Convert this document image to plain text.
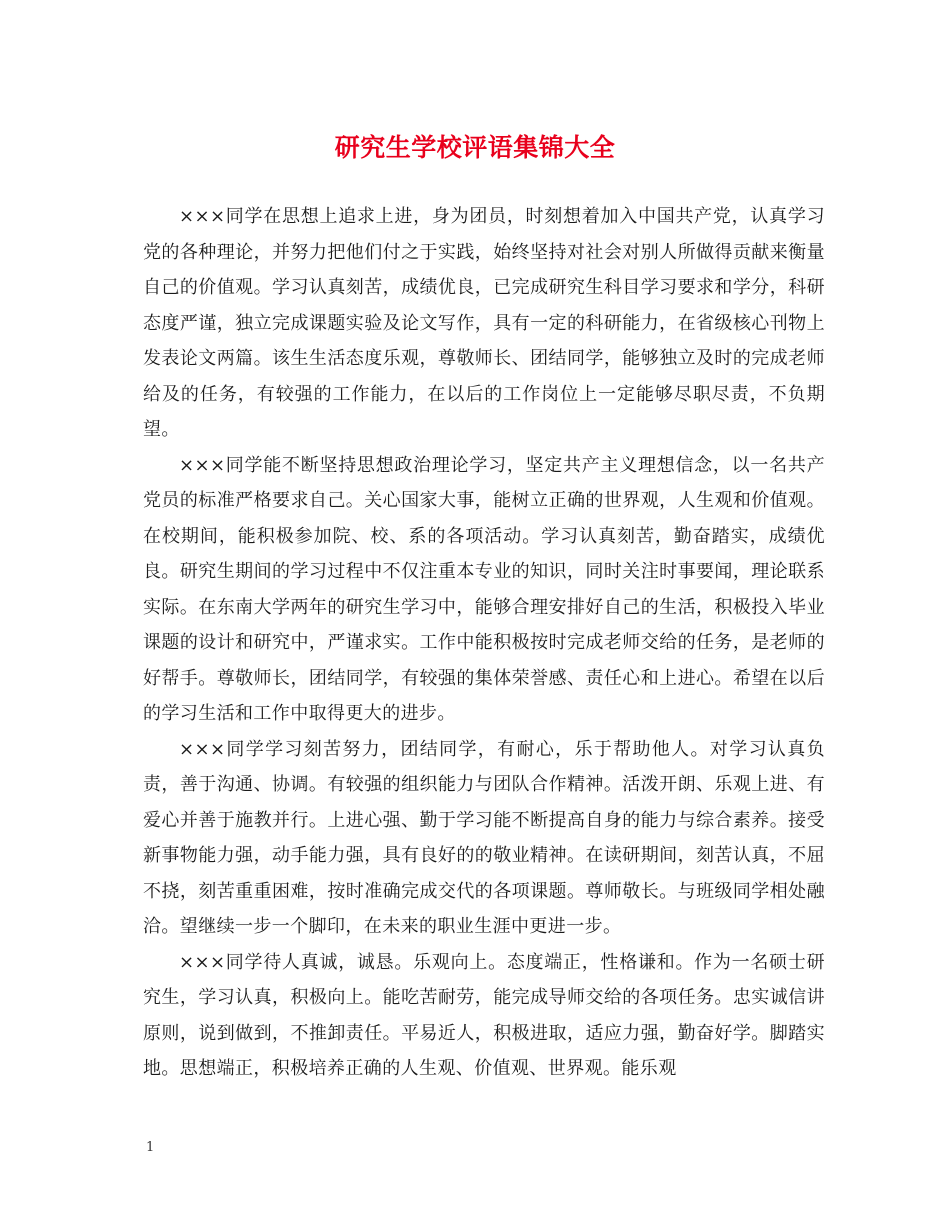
研究生学校评语集锦大全

×××同学在思想上追求上进，身为团员，时刻想着加入中国共产党，认真学习党的各种理论，并努力把他们付之于实践，始终坚持对社会对别人所做得贡献来衡量自己的价值观。学习认真刻苦，成绩优良，已完成研究生科目学习要求和学分，科研态度严谨，独立完成课题实验及论文写作，具有一定的科研能力，在省级核心刊物上发表论文两篇。该生生活态度乐观，尊敬师长、团结同学，能够独立及时的完成老师给及的任务，有较强的工作能力，在以后的工作岗位上一定能够尽职尽责，不负期望。

×××同学能不断坚持思想政治理论学习，坚定共产主义理想信念，以一名共产党员的标准严格要求自己。关心国家大事，能树立正确的世界观，人生观和价值观。在校期间，能积极参加院、校、系的各项活动。学习认真刻苦，勤奋踏实，成绩优良。研究生期间的学习过程中不仅注重本专业的知识，同时关注时事要闻，理论联系实际。在东南大学两年的研究生学习中，能够合理安排好自己的生活，积极投入毕业课题的设计和研究中，严谨求实。工作中能积极按时完成老师交给的任务，是老师的好帮手。尊敬师长，团结同学，有较强的集体荣誉感、责任心和上进心。希望在以后的学习生活和工作中取得更大的进步。

×××同学学习刻苦努力，团结同学，有耐心，乐于帮助他人。对学习认真负责，善于沟通、协调。有较强的组织能力与团队合作精神。活泼开朗、乐观上进、有爱心并善于施教并行。上进心强、勤于学习能不断提高自身的能力与综合素养。接受新事物能力强，动手能力强，具有良好的的敬业精神。在读研期间，刻苦认真，不屈不挠，刻苦重重困难，按时准确完成交代的各项课题。尊师敬长。与班级同学相处融洽。望继续一步一个脚印，在未来的职业生涯中更进一步。

×××同学待人真诚，诚恳。乐观向上。态度端正，性格谦和。作为一名硕士研究生，学习认真，积极向上。能吃苦耐劳，能完成导师交给的各项任务。忠实诚信讲原则，说到做到，不推卸责任。平易近人，积极进取，适应力强，勤奋好学。脚踏实地。思想端正，积极培养正确的人生观、价值观、世界观。能乐观

1
